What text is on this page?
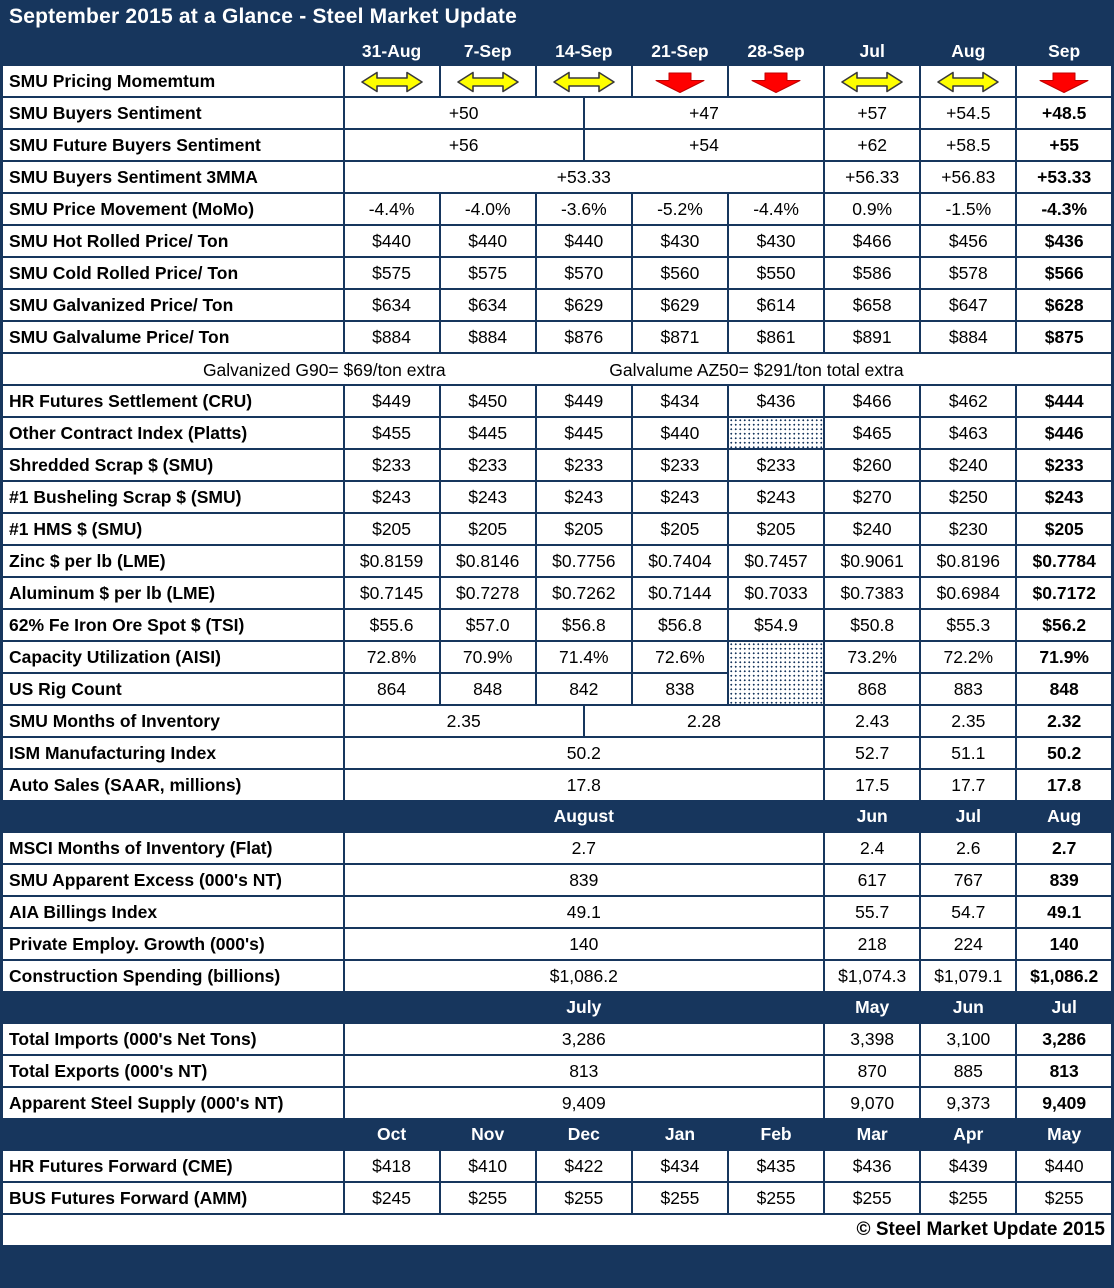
September 2015 at a Glance - Steel Market Update
	31-Aug	7-Sep	14-Sep		21-Sep	28-Sep	Jul	Aug	Sep
SMU Pricing Momemtum	

SMU Buyers Sentiment	+50			+47			+57	+54.5	+48.5
SMU Future Buyers Sentiment	+56			+54			+62	+58.5	+55
SMU Buyers Sentiment 3MMA	+53.33						+56.33	+56.83	+53.33
SMU Price Movement (MoMo)	-4.4%	-4.0%	-3.6%		-5.2%	-4.4%	0.9%	-1.5%	-4.3%
SMU Hot Rolled Price/ Ton	$440	$440	$440		$430	$430	$466	$456	$436
SMU Cold Rolled Price/ Ton	$575	$575	$570		$560	$550	$586	$578	$566
SMU Galvanized Price/ Ton	$634	$634	$629		$629	$614	$658	$647	$628
SMU Galvalume Price/ Ton	$884	$884	$876		$871	$861	$891	$884	$875

Galvanized G90= $69/ton extra Galvalume AZ50= $291/ton total extra									

HR Futures Settlement (CRU)	$449	$450	$449		$434	$436	$466	$462	$444
Other Contract Index (Platts)	$455	$445	$445		$440		$465	$463	$446
Shredded Scrap $ (SMU)	$233	$233	$233		$233	$233	$260	$240	$233
#1 Busheling Scrap $ (SMU)	$243	$243	$243		$243	$243	$270	$250	$243
#1 HMS $ (SMU)	$205	$205	$205		$205	$205	$240	$230	$205
Zinc $ per lb (LME)	$0.8159	$0.8146	$0.7756		$0.7404	$0.7457	$0.9061	$0.8196	$0.7784
Aluminum $ per lb (LME)	$0.7145	$0.7278	$0.7262		$0.7144	$0.7033	$0.7383	$0.6984	$0.7172
62% Fe Iron Ore Spot $ (TSI)	$55.6	$57.0	$56.8		$56.8	$54.9	$50.8	$55.3	$56.2
Capacity Utilization (AISI)	72.8%	70.9%	71.4%		72.6%		73.2%	72.2%	71.9%
US Rig Count	864	848	842		838		868	883	848
SMU Months of Inventory	2.35			2.28			2.43	2.35	2.32
ISM Manufacturing Index	50.2						52.7	51.1	50.2
Auto Sales (SAAR, millions)	17.8						17.5	17.7	17.8
	August						Jun	Jul	Aug
MSCI Months of Inventory (Flat)	2.7						2.4	2.6	2.7
SMU Apparent Excess (000's NT)	839						617	767	839
AIA Billings Index	49.1						55.7	54.7	49.1
Private Employ. Growth (000's)	140						218	224	140
Construction Spending (billions)	$1,086.2						$1,074.3	$1,079.1	$1,086.2
	July						May	Jun	Jul
Total Imports (000's Net Tons)	3,286						3,398	3,100	3,286
Total Exports (000's NT)	813						870	885	813
Apparent Steel Supply (000's NT)	9,409						9,070	9,373	9,409
	Oct	Nov	Dec		Jan	Feb	Mar	Apr	May
HR Futures Forward (CME)	$418	$410	$422		$434	$435	$436	$439	$440
BUS Futures Forward (AMM)	$245	$255	$255		$255	$255	$255	$255	$255
© Steel Market Update 2015									
